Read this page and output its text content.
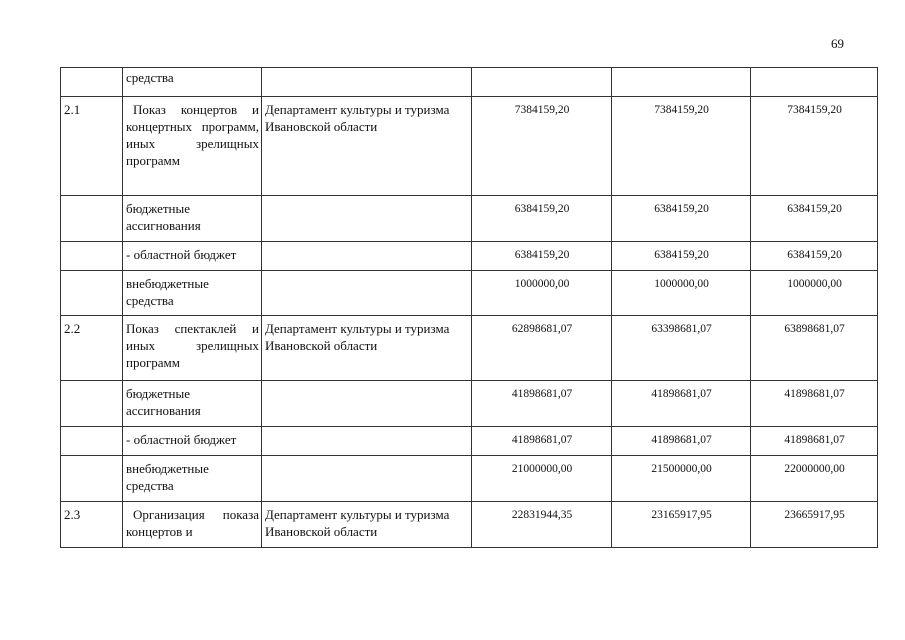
69
	средства				
2.1	Показ концертов и концертных программ, иных зрелищных программ	Департамент культуры и туризма Ивановской области	7384159,20	7384159,20	7384159,20
	бюджетные ассигнования		6384159,20	6384159,20	6384159,20
	- областной бюджет		6384159,20	6384159,20	6384159,20
	внебюджетные средства		1000000,00	1000000,00	1000000,00
2.2	Показ спектаклей и иных зрелищных программ	Департамент культуры и туризма Ивановской области	62898681,07	63398681,07	63898681,07
	бюджетные ассигнования		41898681,07	41898681,07	41898681,07
	- областной бюджет		41898681,07	41898681,07	41898681,07
	внебюджетные средства		21000000,00	21500000,00	22000000,00
2.3	Организация показа концертов и	Департамент культуры и туризма Ивановской области	22831944,35	23165917,95	23665917,95
